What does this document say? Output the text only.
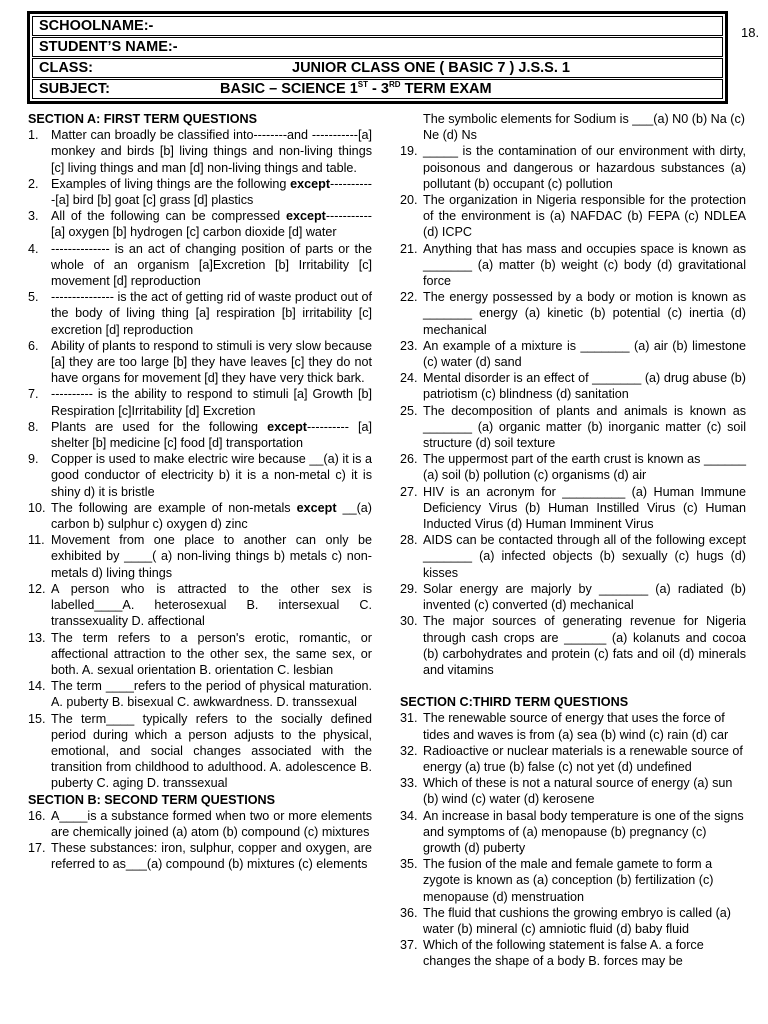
18.
SCHOOLNAME:-
STUDENT’S NAME:-
CLASS:	JUNIOR CLASS ONE ( BASIC 7 ) J.S.S. 1
SUBJECT:	BASIC – SCIENCE 1ST - 3RD TERM EXAM
SECTION A: FIRST TERM QUESTIONS
1. Matter can broadly be classified into--------and -----------[a] monkey and birds [b] living things and non-living things [c] living things and man [d] non-living things and table.
2. Examples of living things are the following except-----------[a] bird [b] goat [c] grass [d] plastics
3. All of the following can be compressed except----------- [a] oxygen [b] hydrogen [c] carbon dioxide [d] water
4. -------------- is an act of changing position of parts or the whole of an organism [a]Excretion [b] Irritability [c] movement [d] reproduction
5. --------------- is the act of getting rid of waste product out of the body of living thing [a] respiration [b] irritability [c] excretion [d] reproduction
6. Ability of plants to respond to stimuli is very slow because [a] they are too large [b] they have leaves [c] they do not have organs for movement [d] they have very thick bark.
7. ---------- is the ability to respond to stimuli [a] Growth [b] Respiration [c]Irritability [d] Excretion
8. Plants are used for the following except---------- [a] shelter [b] medicine [c] food [d] transportation
9. Copper is used to make electric wire because __(a) it is a good conductor of electricity b) it is a non-metal c) it is shiny d) it is bristle
10. The following are example of non-metals except __(a) carbon b) sulphur c) oxygen d) zinc
11. Movement from one place to another can only be exhibited by ____( a) non-living things b) metals c) non-metals d) living things
12. A person who is attracted to the other sex is labelled____A. heterosexual B. intersexual C. transsexuality D. affectional
13. The term refers to a person's erotic, romantic, or affectional attraction to the other sex, the same sex, or both. A. sexual orientation B. orientation C. lesbian
14. The term ____refers to the period of physical maturation. A. puberty B. bisexual C. awkwardness. D. transsexual
15. The term____ typically refers to the socially defined period during which a person adjusts to the physical, emotional, and social changes associated with the transition from childhood to adulthood. A. adolescence B. puberty C. aging D. transsexual
SECTION B: SECOND TERM QUESTIONS
16. A____is a substance formed when two or more elements are chemically joined (a) atom (b) compound (c) mixtures
17. These substances: iron, sulphur, copper and oxygen, are referred to as___(a) compound (b) mixtures (c) elements
The symbolic elements for Sodium is ___(a) N0 (b) Na (c) Ne (d) Ns
19. _____ is the contamination of our environment with dirty, poisonous and dangerous or hazardous substances (a) pollutant (b) occupant (c) pollution
20. The organization in Nigeria responsible for the protection of the environment is (a) NAFDAC (b) FEPA (c) NDLEA (d) ICPC
21. Anything that has mass and occupies space is known as _______ (a) matter (b) weight (c) body (d) gravitational force
22. The energy possessed by a body or motion is known as _______ energy (a) kinetic (b) potential (c) inertia (d) mechanical
23. An example of a mixture is _______ (a) air (b) limestone (c) water (d) sand
24. Mental disorder is an effect of _______ (a) drug abuse (b) patriotism (c) blindness (d) sanitation
25. The decomposition of plants and animals is known as _______ (a) organic matter (b) inorganic matter (c) soil structure (d) soil texture
26. The uppermost part of the earth crust is known as ______ (a) soil (b) pollution (c) organisms (d) air
27. HIV is an acronym for _________ (a) Human Immune Deficiency Virus (b) Human Instilled Virus (c) Human Inducted Virus (d) Human Imminent Virus
28. AIDS can be contacted through all of the following except _______ (a) infected objects (b) sexually (c) hugs (d) kisses
29. Solar energy are majorly by _______ (a) radiated (b) invented (c) converted (d) mechanical
30. The major sources of generating revenue for Nigeria through cash crops are ______ (a) kolanuts and cocoa (b) carbohydrates and protein (c) fats and oil (d) minerals and vitamins
SECTION C:THIRD TERM QUESTIONS
31. The renewable source of energy that uses the force of tides and waves is from (a) sea (b) wind (c) rain (d) car
32. Radioactive or nuclear materials is a renewable source of energy (a) true (b) false (c) not yet (d) undefined
33. Which of these is not a natural source of energy (a) sun (b) wind (c) water (d) kerosene
34. An increase in basal body temperature is one of the signs and symptoms of (a) menopause (b) pregnancy (c) growth (d) puberty
35. The fusion of the male and female gamete to form a zygote is known as (a) conception (b) fertilization (c) menopause (d) menstruation
36. The fluid that cushions the growing embryo is called (a) water (b) mineral (c) amniotic fluid (d) baby fluid
37. Which of the following statement is false A. a force changes the shape of a body B. forces may be
